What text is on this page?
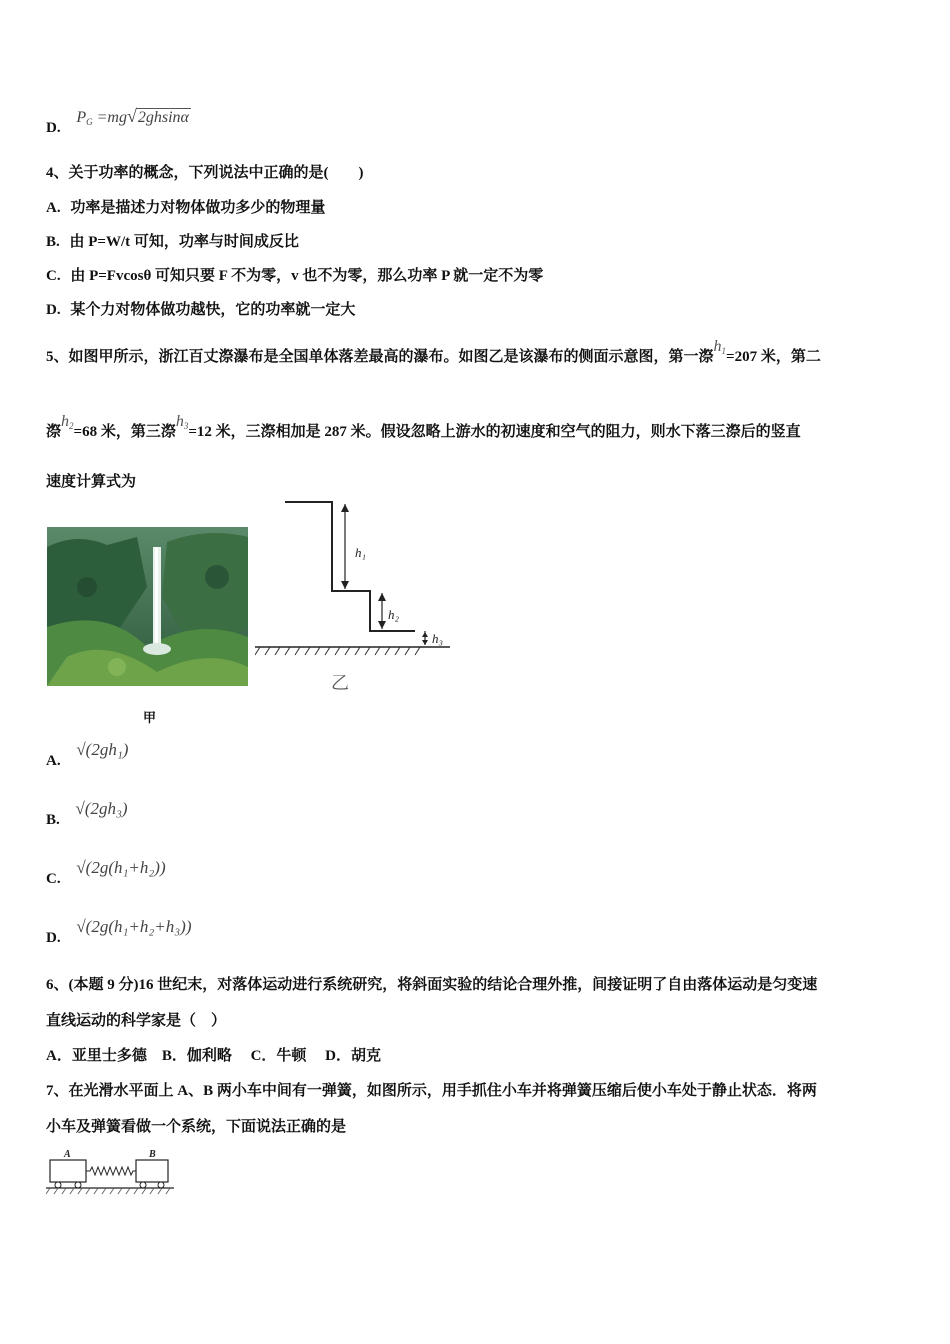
D. $P_G =mg√2ghsin\alpha$
4、关于功率的概念，下列说法中正确的是(　　)
A. 功率是描述力对物体做功多少的物理量
B. 由 P=W/t 可知，功率与时间成反比
C. 由 P=Fvcosθ 可知只要 F 不为零，v 也不为零，那么功率 P 就一定不为零
D. 某个力对物体做功越快，它的功率就一定大
5、如图甲所示，浙江百丈漈瀑布是全国单体落差最高的瀑布。如图乙是该瀑布的侧面示意图，第一漈$h_1=207$ 米，第二
漈$h_2=68$ 米，第三漈$h_3=12$ 米，三漈相加是 287 米。假设忽略上游水的初速度和空气的阻力，则水下落三漈后的竖直
速度计算式为
甲
h₁
h₂
h₃
乙
A. √(2gh₁)
B. √(2gh₃)
C. √(2g(h₁+h₂))
D. √(2g(h₁+h₂+h₃))
6、(本题 9 分)16 世纪末，对落体运动进行系统研究，将斜面实验的结论合理外推，间接证明了自由落体运动是匀变速
直线运动的科学家是（　）
A．亚里士多德　B．伽利略　 C．牛顿　 D．胡克
7、在光滑水平面上 A、B 两小车中间有一弹簧，如图所示，用手抓住小车并将弹簧压缩后使小车处于静止状态．将两
小车及弹簧看做一个系统，下面说法正确的是
A	B
